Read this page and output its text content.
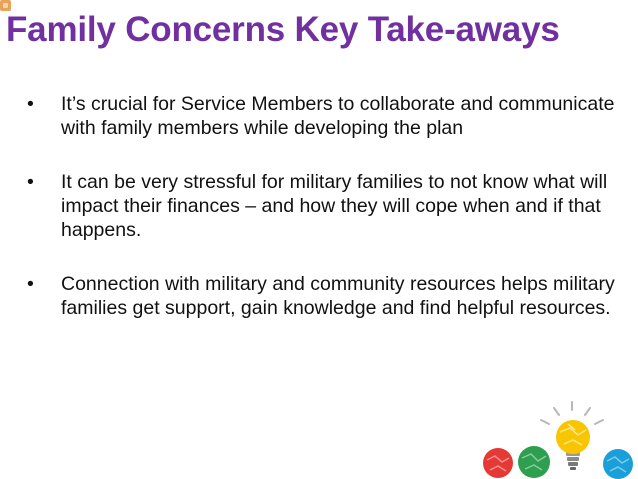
Family Concerns Key Take-aways
• It’s crucial for Service Members to collaborate and communicate with family members while developing the plan
• It can be very stressful for military families to not know what will impact their finances – and how they will cope when and if that happens.
• Connection with military and community resources helps military families get support, gain knowledge and find helpful resources.
